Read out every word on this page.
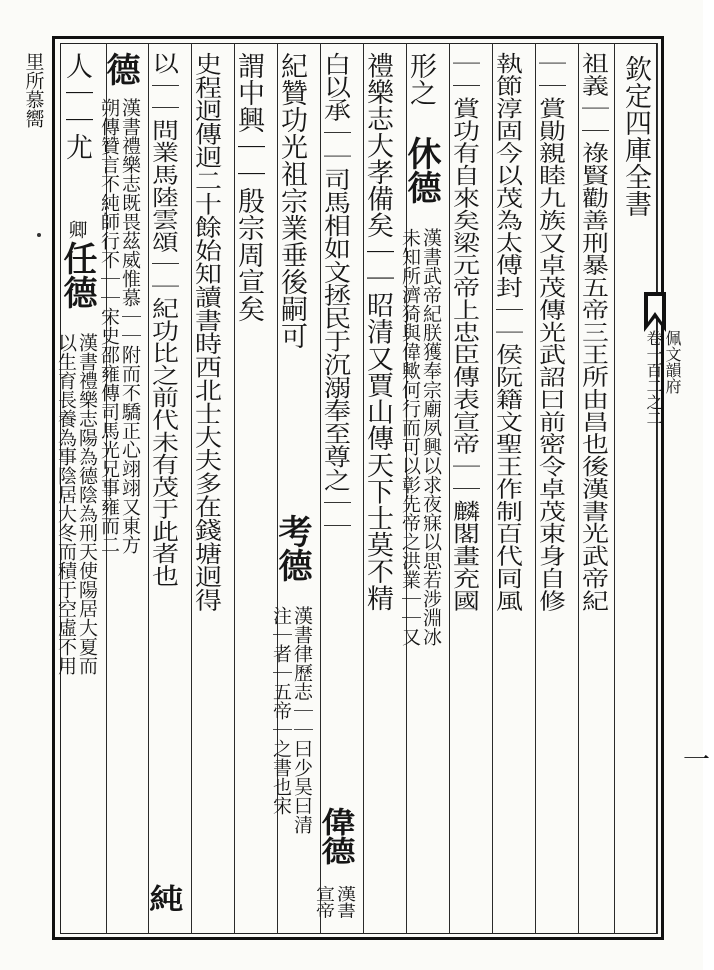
欽定四庫全書
佩文韻府
卷一百二之二
一
祖義｜｜祿賢勸善刑暴五帝三王所由昌也後漢書光武帝紀
｜｜賞勛親睦九族又卓茂傳光武詔曰前密令卓茂束身自修
執節淳固今以茂為太傅封｜｜侯阮籍文聖王作制百代同風
｜｜賞功有自來矣梁元帝上忠臣傳表宣帝｜｜麟閣畫充國
形之
休德
漢書武帝紀朕獲奉宗廟夙興以求夜寐以思若涉淵冰
未知所濟猗與偉歟何行而可以彰先帝之洪業｜｜又
禮樂志大孝備矣｜｜昭清又賈山傳天下士莫不精
白以承｜｜司馬相如文拯民于沉溺奉至尊之｜｜
偉德
漢書
宣帝
紀贊功光祖宗業垂後嗣可
考德
漢書律歷志｜｜曰少昊曰清
注｜者｜五帝｜之書也宋
謂中興｜｜殷宗周宣矣
史程迥傳迥二十餘始知讀書時西北士大夫多在錢塘迥得
以｜｜問業馬陸雲頌｜｜紀功比之前代未有茂于此者也
純
德
漢書禮樂志既畏茲威惟慕｜｜附而不驕正心翊翊又東方
朔傳贊言不純師行不｜｜宋史邵雍傳司馬光兄事雍而二
人｜｜尤
卿
任德
漢書禮樂志陽為德陰為刑天使陽居大夏而
以生育長養為事陰居大冬而積于空虛不用
里所慕嚮
